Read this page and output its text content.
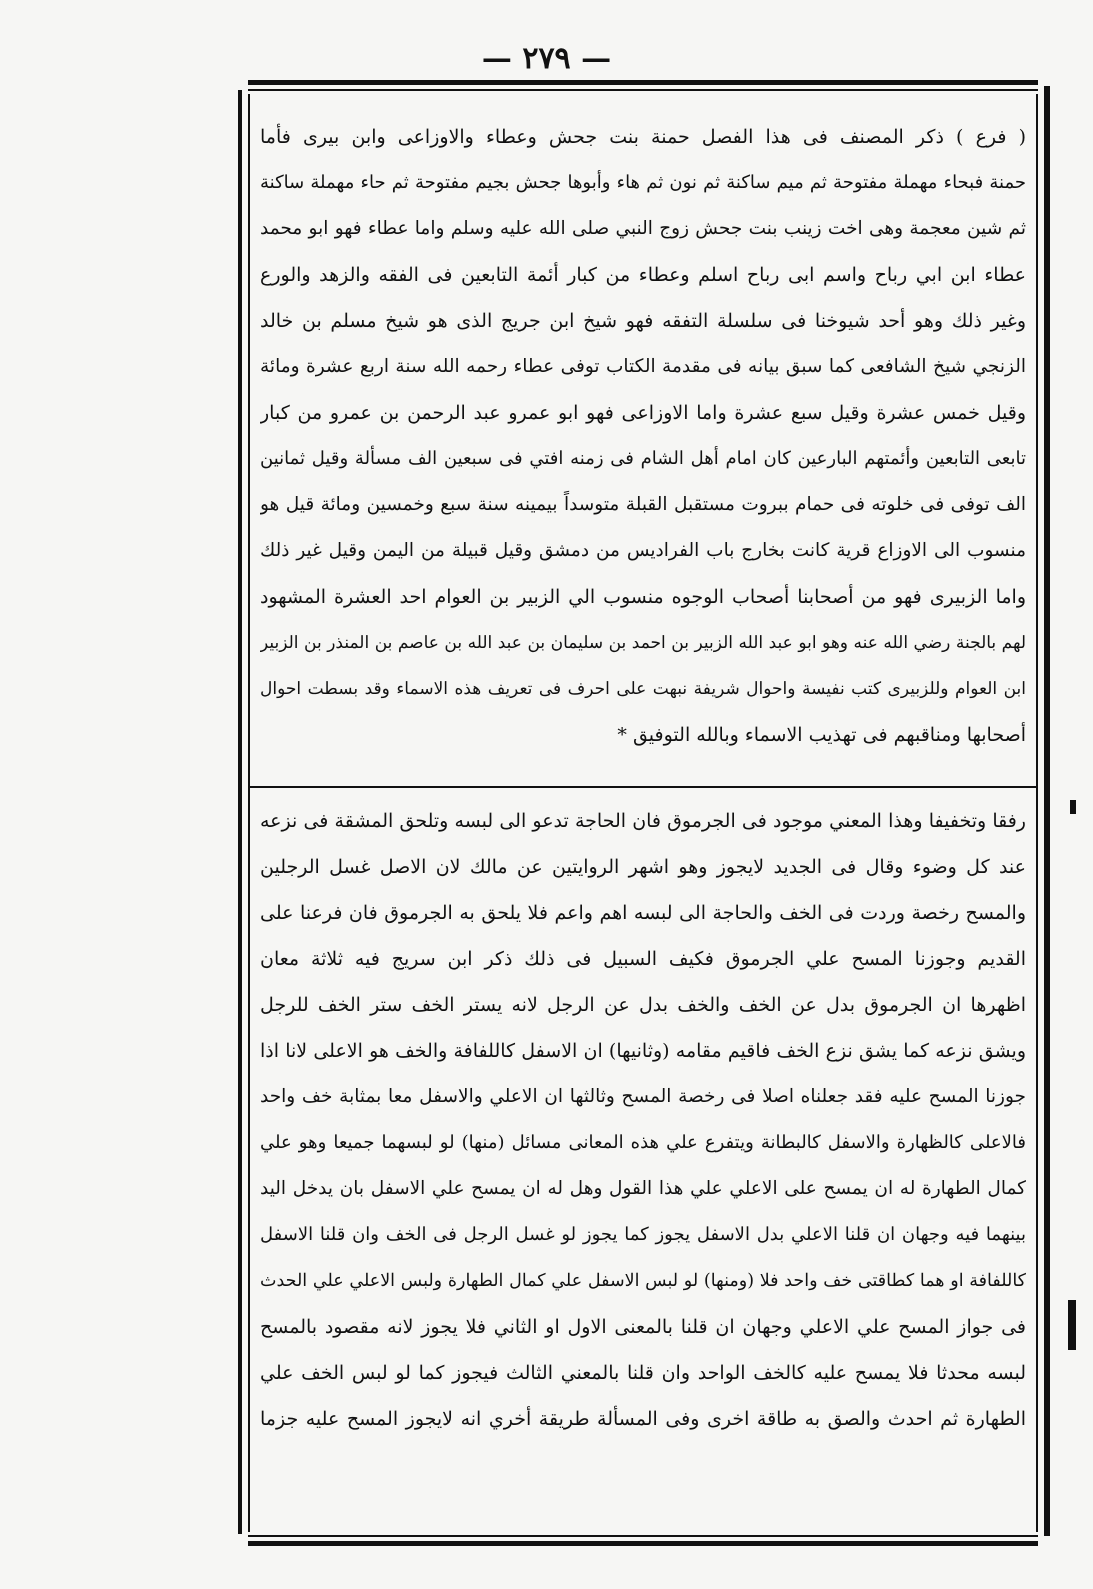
— ٢٧٩ —
( فرع ) ذكر المصنف فى هذا الفصل حمنة بنت جحش وعطاء والاوزاعى وابن بيرى فأما
حمنة فبحاء مهملة مفتوحة ثم ميم ساكنة ثم نون ثم هاء وأبوها جحش بجيم مفتوحة ثم حاء مهملة ساكنة
ثم شين معجمة وهى اخت زينب بنت جحش زوج النبي صلى الله عليه وسلم واما عطاء فهو ابو محمد
عطاء ابن ابي رباح واسم ابى رباح اسلم وعطاء من كبار أئمة التابعين فى الفقه والزهد والورع
وغير ذلك وهو أحد شيوخنا فى سلسلة التفقه فهو شيخ ابن جريج الذى هو شيخ مسلم بن خالد
الزنجي شيخ الشافعى كما سبق بيانه فى مقدمة الكتاب توفى عطاء رحمه الله سنة اربع عشرة ومائة
وقيل خمس عشرة وقيل سبع عشرة واما الاوزاعى فهو ابو عمرو عبد الرحمن بن عمرو من كبار
تابعى التابعين وأئمتهم البارعين كان امام أهل الشام فى زمنه افتي فى سبعين الف مسألة وقيل ثمانين
الف توفى فى خلوته فى حمام ببروت مستقبل القبلة متوسداً بيمينه سنة سبع وخمسين ومائة قيل هو
منسوب الى الاوزاع قرية كانت بخارج باب الفراديس من دمشق وقيل قبيلة من اليمن وقيل غير ذلك
واما الزبيرى فهو من أصحابنا أصحاب الوجوه منسوب الي الزبير بن العوام احد العشرة المشهود
لهم بالجنة رضي الله عنه وهو ابو عبد الله الزبير بن احمد بن سليمان بن عبد الله بن عاصم بن المنذر بن الزبير
ابن العوام وللزبيرى كتب نفيسة واحوال شريفة نبهت على احرف فى تعريف هذه الاسماء وقد بسطت احوال
أصحابها ومناقبهم فى تهذيب الاسماء وبالله التوفيق *
رفقا وتخفيفا وهذا المعني موجود فى الجرموق فان الحاجة تدعو الى لبسه وتلحق المشقة فى نزعه
عند كل وضوء وقال فى الجديد لايجوز وهو اشهر الروايتين عن مالك لان الاصل غسل الرجلين
والمسح رخصة وردت فى الخف والحاجة الى لبسه اهم واعم فلا يلحق به الجرموق فان فرعنا على
القديم وجوزنا المسح علي الجرموق فكيف السبيل فى ذلك ذكر ابن سريج فيه ثلاثة معان
اظهرها ان الجرموق بدل عن الخف والخف بدل عن الرجل لانه يستر الخف ستر الخف للرجل
ويشق نزعه كما يشق نزع الخف فاقيم مقامه (وثانيها) ان الاسفل كاللفافة والخف هو الاعلى لانا اذا
جوزنا المسح عليه فقد جعلناه اصلا فى رخصة المسح وثالثها ان الاعلي والاسفل معا بمثابة خف واحد
فالاعلى كالظهارة والاسفل كالبطانة ويتفرع علي هذه المعانى مسائل (منها) لو لبسهما جميعا وهو علي
كمال الطهارة له ان يمسح على الاعلي علي هذا القول وهل له ان يمسح علي الاسفل بان يدخل اليد
بينهما فيه وجهان ان قلنا الاعلي بدل الاسفل يجوز كما يجوز لو غسل الرجل فى الخف وان قلنا الاسفل
كاللفافة او هما كطاقتى خف واحد فلا (ومنها) لو لبس الاسفل علي كمال الطهارة ولبس الاعلي علي الحدث
فى جواز المسح علي الاعلي وجهان ان قلنا بالمعنى الاول او الثاني فلا يجوز لانه مقصود بالمسح
لبسه محدثا فلا يمسح عليه كالخف الواحد وان قلنا بالمعني الثالث فيجوز كما لو لبس الخف علي
الطهارة ثم احدث والصق به طاقة اخرى وفى المسألة طريقة أخري انه لايجوز المسح عليه جزما
